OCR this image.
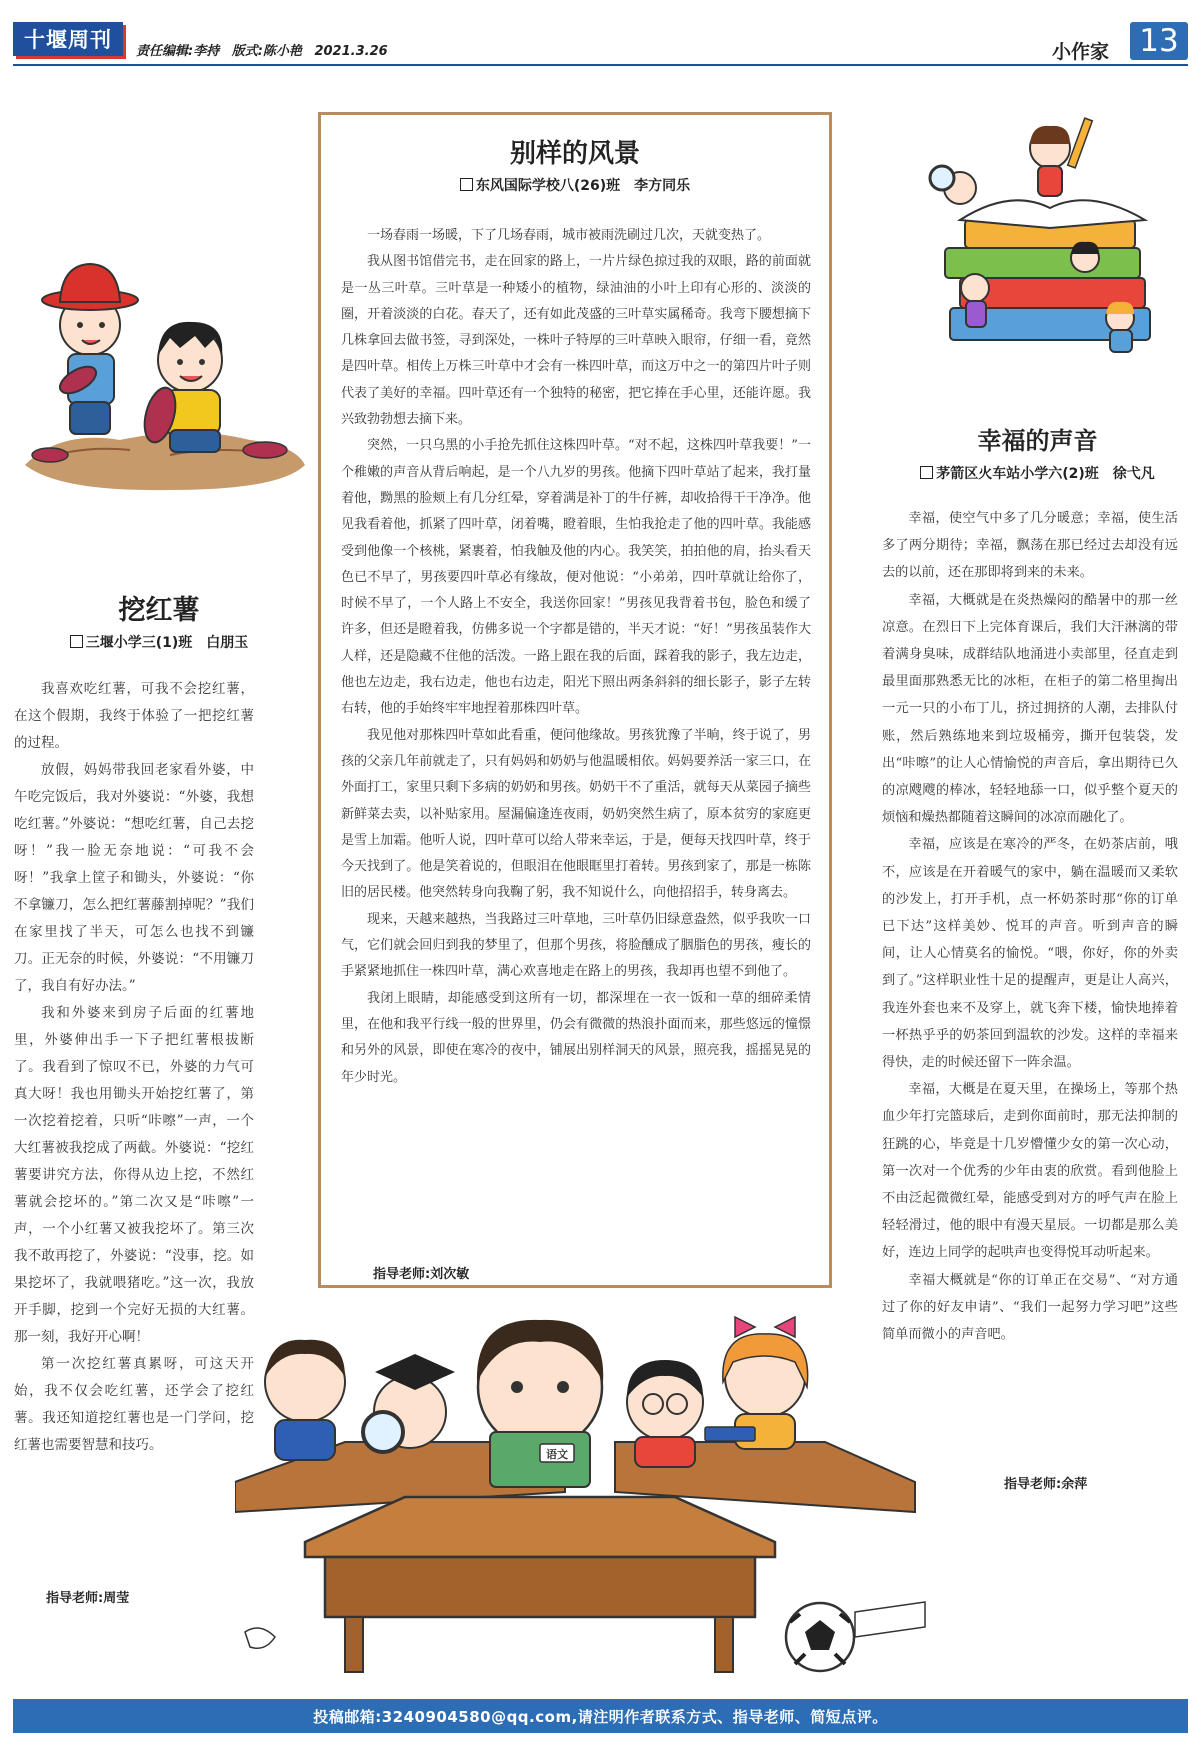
十堰周刊 责任编辑:李持 版式:陈小艳 2021.3.26	小作家 13
别样的风景
东风国际学校八(26)班　李方同乐

一场春雨一场暖，下了几场春雨，城市被雨洗刷过几次，天就变热了。

我从图书馆借完书，走在回家的路上，一片片绿色掠过我的双眼，路的前面就是一丛三叶草。三叶草是一种矮小的植物，绿油油的小叶上印有心形的、淡淡的圈，开着淡淡的白花。春天了，还有如此茂盛的三叶草实属稀奇。我弯下腰想摘下几株拿回去做书签，寻到深处，一株叶子特厚的三叶草映入眼帘，仔细一看，竟然是四叶草。相传上万株三叶草中才会有一株四叶草，而这万中之一的第四片叶子则代表了美好的幸福。四叶草还有一个独特的秘密，把它捧在手心里，还能许愿。我兴致勃勃想去摘下来。

突然，一只乌黑的小手抢先抓住这株四叶草。“对不起，这株四叶草我要！”一个稚嫩的声音从背后响起，是一个八九岁的男孩。他摘下四叶草站了起来，我打量着他，黝黑的脸颊上有几分红晕，穿着满是补丁的牛仔裤，却收拾得干干净净。他见我看着他，抓紧了四叶草，闭着嘴，瞪着眼，生怕我抢走了他的四叶草。我能感受到他像一个核桃，紧裹着，怕我触及他的内心。我笑笑，拍拍他的肩，抬头看天色已不早了，男孩要四叶草必有缘故，便对他说：“小弟弟，四叶草就让给你了，时候不早了，一个人路上不安全，我送你回家！”男孩见我背着书包，脸色和缓了许多，但还是瞪着我，仿佛多说一个字都是错的，半天才说：“好！”男孩虽装作大人样，还是隐藏不住他的活泼。一路上跟在我的后面，踩着我的影子，我左边走，他也左边走，我右边走，他也右边走，阳光下照出两条斜斜的细长影子，影子左转右转，他的手始终牢牢地捏着那株四叶草。

我见他对那株四叶草如此看重，便问他缘故。男孩犹豫了半晌，终于说了，男孩的父亲几年前就走了，只有妈妈和奶奶与他温暖相依。妈妈要养活一家三口，在外面打工，家里只剩下多病的奶奶和男孩。奶奶干不了重活，就每天从菜园子摘些新鲜菜去卖，以补贴家用。屋漏偏逢连夜雨，奶奶突然生病了，原本贫穷的家庭更是雪上加霜。他听人说，四叶草可以给人带来幸运，于是，便每天找四叶草，终于今天找到了。他是笑着说的，但眼泪在他眼眶里打着转。男孩到家了，那是一栋陈旧的居民楼。他突然转身向我鞠了躬，我不知说什么，向他招招手，转身离去。

现来，天越来越热，当我路过三叶草地，三叶草仍旧绿意盎然，似乎我吹一口气，它们就会回归到我的梦里了，但那个男孩，将脸醺成了胭脂色的男孩，瘦长的手紧紧地抓住一株四叶草，满心欢喜地走在路上的男孩，我却再也望不到他了。

我闭上眼睛，却能感受到这所有一切，都深埋在一衣一饭和一草的细碎柔情里，在他和我平行线一般的世界里，仍会有微微的热浪扑面而来，那些悠远的憧憬和另外的风景，即使在寒冷的夜中，铺展出别样洞天的风景，照亮我，摇摇晃晃的年少时光。

指导老师:刘次敏
挖红薯
三堰小学三(1)班　白朋玉

我喜欢吃红薯，可我不会挖红薯，在这个假期，我终于体验了一把挖红薯的过程。

放假，妈妈带我回老家看外婆，中午吃完饭后，我对外婆说：“外婆，我想吃红薯。”外婆说：“想吃红薯，自己去挖呀！”我一脸无奈地说：“可我不会呀！”我拿上筐子和锄头，外婆说：“你不拿镰刀，怎么把红薯藤割掉呢？”我们在家里找了半天，可怎么也找不到镰刀。正无奈的时候，外婆说：“不用镰刀了，我自有好办法。”

我和外婆来到房子后面的红薯地里，外婆伸出手一下子把红薯根拔断了。我看到了惊叹不已，外婆的力气可真大呀！我也用锄头开始挖红薯了，第一次挖着挖着，只听“咔嚓”一声，一个大红薯被我挖成了两截。外婆说：“挖红薯要讲究方法，你得从边上挖，不然红薯就会挖坏的。”第二次又是“咔嚓”一声，一个小红薯又被我挖坏了。第三次我不敢再挖了，外婆说：“没事，挖。如果挖坏了，我就喂猪吃。”这一次，我放开手脚，挖到一个完好无损的大红薯。那一刻，我好开心啊！

第一次挖红薯真累呀，可这天开始，我不仅会吃红薯，还学会了挖红薯。我还知道挖红薯也是一门学问，挖红薯也需要智慧和技巧。

指导老师:周莹
幸福的声音
茅箭区火车站小学六(2)班　徐弋凡

幸福，使空气中多了几分暖意；幸福，使生活多了两分期待；幸福，飘荡在那已经过去却没有远去的以前，还在那即将到来的未来。

幸福，大概就是在炎热燥闷的酷暑中的那一丝凉意。在烈日下上完体育课后，我们大汗淋漓的带着满身臭味，成群结队地涌进小卖部里，径直走到最里面那熟悉无比的冰柜，在柜子的第二格里掏出一元一只的小布丁儿，挤过拥挤的人潮，去排队付账，然后熟练地来到垃圾桶旁，撕开包装袋，发出“咔嚓”的让人心情愉悦的声音后，拿出期待已久的凉飕飕的棒冰，轻轻地舔一口，似乎整个夏天的烦恼和燥热都随着这瞬间的冰凉而融化了。

幸福，应该是在寒冷的严冬，在奶茶店前，哦不，应该是在开着暖气的家中，躺在温暖而又柔软的沙发上，打开手机，点一杯奶茶时那“你的订单已下达”这样美妙、悦耳的声音。听到声音的瞬间，让人心情莫名的愉悦。“喂，你好，你的外卖到了。”这样职业性十足的提醒声，更是让人高兴，我连外套也来不及穿上，就飞奔下楼，愉快地捧着一杯热乎乎的奶茶回到温软的沙发。这样的幸福来得快，走的时候还留下一阵余温。

幸福，大概是在夏天里，在操场上，等那个热血少年打完篮球后，走到你面前时，那无法抑制的狂跳的心，毕竟是十几岁懵懂少女的第一次心动，第一次对一个优秀的少年由衷的欣赏。看到他脸上不由泛起微微红晕，能感受到对方的呼气声在脸上轻轻滑过，他的眼中有漫天星辰。一切都是那么美好，连边上同学的起哄声也变得悦耳动听起来。

幸福大概就是“你的订单正在交易”、“对方通过了你的好友申请”、“我们一起努力学习吧”这些简单而微小的声音吧。

指导老师:余萍
语文
投稿邮箱:3240904580@qq.com,请注明作者联系方式、指导老师、简短点评。
